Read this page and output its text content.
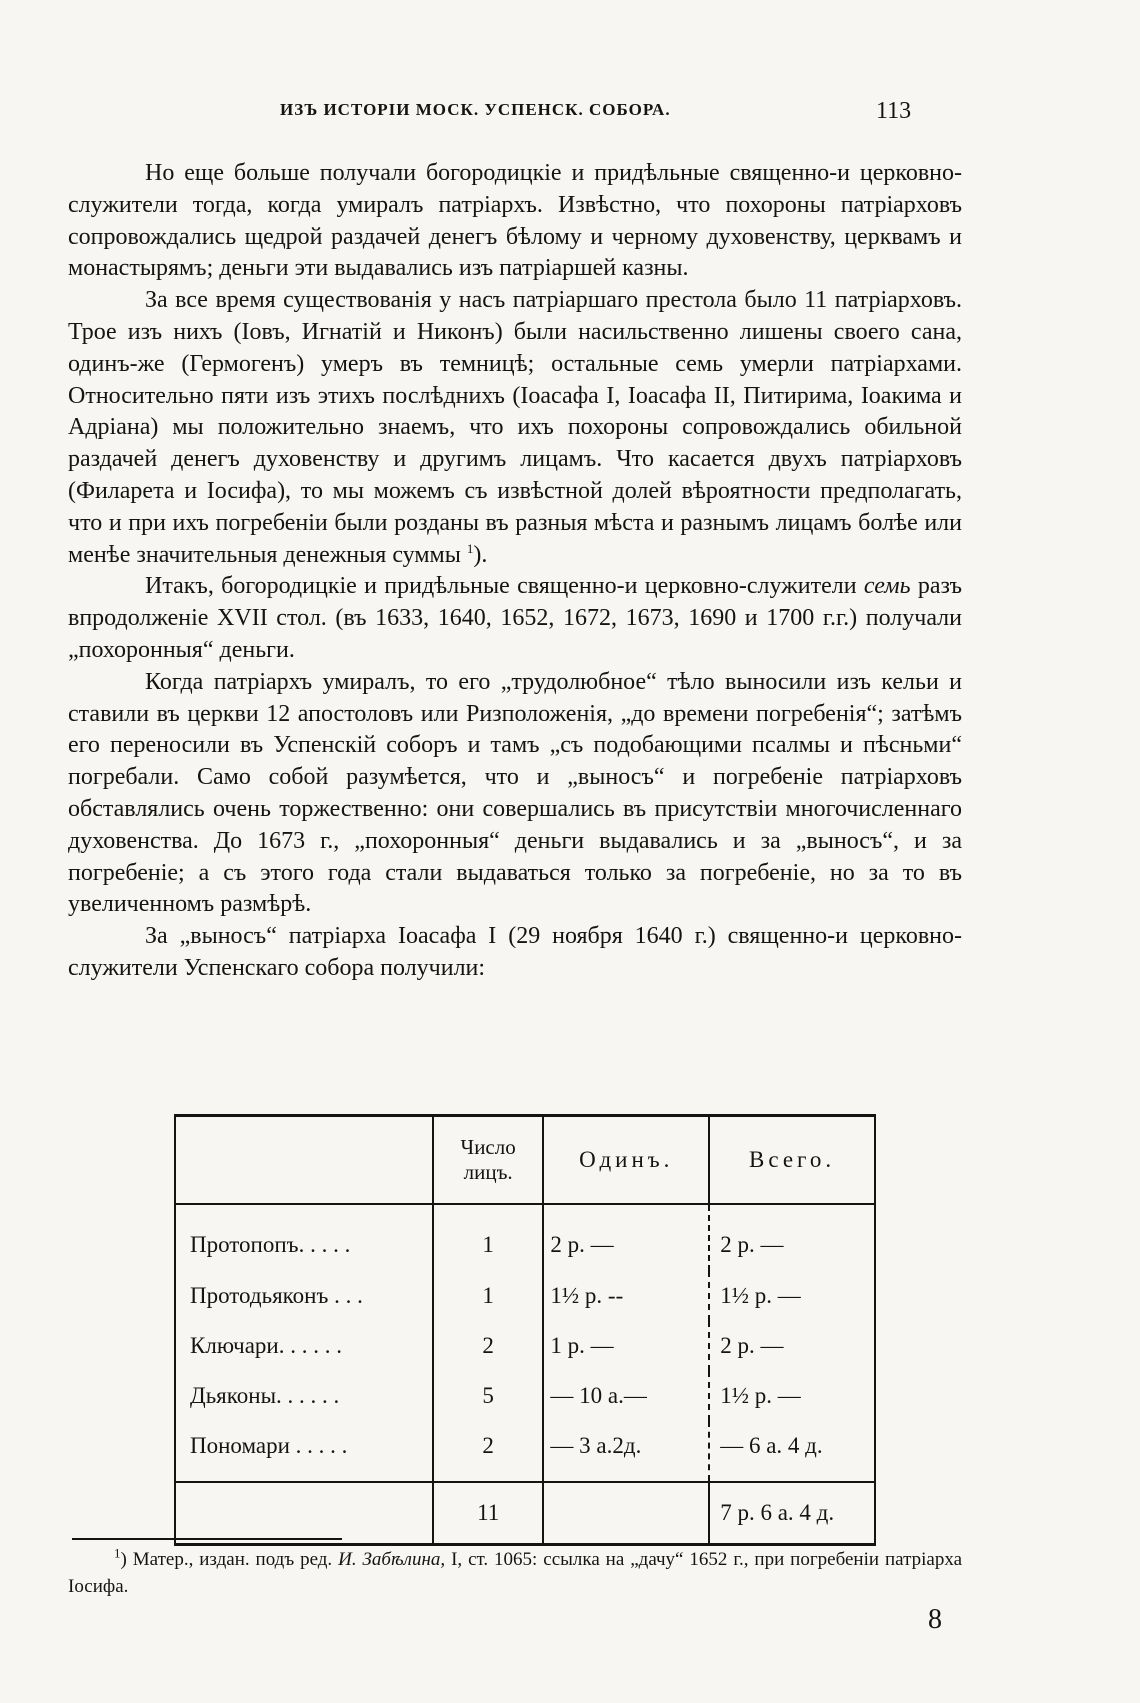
ИЗЪ ИСТОРІИ МОСК. УСПЕНСК. СОБОРА.	113

Но еще больше получали богородицкіе и придѣльные священно-и церковно-служители тогда, когда умиралъ патріархъ. Извѣстно, что похороны патріарховъ сопровождались щедрой раздачей денегъ бѣлому и черному духовенству, церквамъ и монастырямъ; деньги эти выдавались изъ патріаршей казны.

За все время существованія у насъ патріаршаго престола было 11 патріарховъ. Трое изъ нихъ (Іовъ, Игнатій и Никонъ) были насильственно лишены своего сана, одинъ-же (Гермогенъ) умеръ въ темницѣ; остальные семь умерли патріархами. Относительно пяти изъ этихъ послѣднихъ (Іоасафа І, Іоасафа ІІ, Питирима, Іоакима и Адріана) мы положительно знаемъ, что ихъ похороны сопровождались обильной раздачей денегъ духовенству и другимъ лицамъ. Что касается двухъ патріарховъ (Филарета и Іосифа), то мы можемъ съ извѣстной долей вѣроятности предполагать, что и при ихъ погребеніи были розданы въ разныя мѣста и разнымъ лицамъ болѣе или менѣе значительныя денежныя суммы $^1$).

Итакъ, богородицкіе и придѣльные священно-и церковно-служители семь разъ впродолженіе XVII стол. (въ 1633, 1640, 1652, 1672, 1673, 1690 и 1700 г.г.) получали „похоронныя“ деньги.

Когда патріархъ умиралъ, то его „трудолюбное“ тѣло выносили изъ кельи и ставили въ церкви 12 апостоловъ или Ризположенія, „до времени погребенія“; затѣмъ его переносили въ Успенскій соборъ и тамъ „съ подобающими псалмы и пѣсньми“ погребали. Само собой разумѣется, что и „выносъ“ и погребеніе патріарховъ обставлялись очень торжественно: они совершались въ присутствіи многочисленнаго духовенства. До 1673 г., „похоронныя“ деньги выдавались и за „выносъ“, и за погребеніе; а съ этого года стали выдаваться только за погребеніе, но за то въ увеличенномъ размѣрѣ.

За „выносъ“ патріарха Іоасафа І (29 ноября 1640 г.) священно-и церковно-служители Успенскаго собора получили:

	Число лицъ.	Одинъ.	Всего.
Протопопъ. . . . .	1	2 р. —	2 р. —
Протодьяконъ . . .	1	1½ р. --	1½ р. —
Ключари. . . . . .	2	1 р. —	2 р. —
Дьяконы. . . . . .	5	— 10 а.—	1½ р. —
Пономари . . . . .	2	— 3 а.2д.	— 6 а. 4 д.
	11		7 р. 6 а. 4 д.

$^1$) Матер., издан. подъ ред. И. Забѣлина, І, ст. 1065: ссылка на „дачу“ 1652 г., при погребеніи патріарха Іосифа.

8
